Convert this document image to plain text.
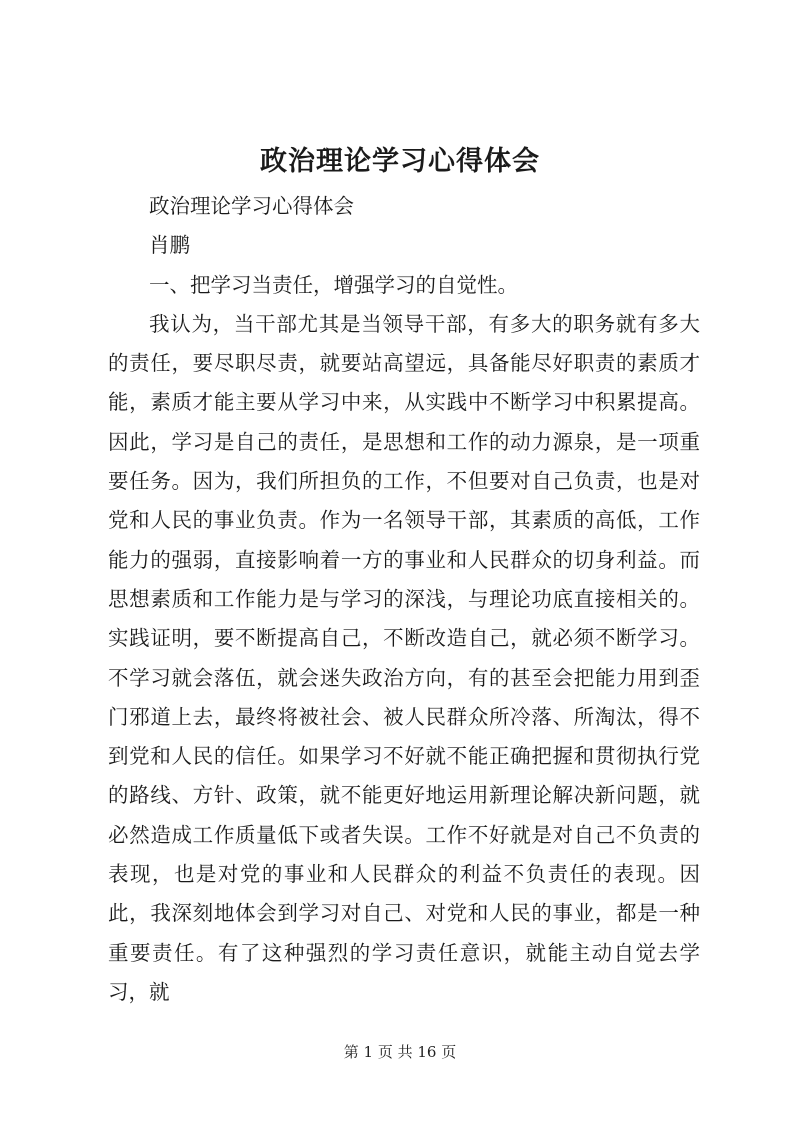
政治理论学习心得体会

政治理论学习心得体会

肖鹏

一、把学习当责任，增强学习的自觉性。

我认为，当干部尤其是当领导干部，有多大的职务就有多大的责任，要尽职尽责，就要站高望远，具备能尽好职责的素质才能，素质才能主要从学习中来，从实践中不断学习中积累提高。因此，学习是自己的责任，是思想和工作的动力源泉，是一项重要任务。因为，我们所担负的工作，不但要对自己负责，也是对党和人民的事业负责。作为一名领导干部，其素质的高低，工作能力的强弱，直接影响着一方的事业和人民群众的切身利益。而思想素质和工作能力是与学习的深浅，与理论功底直接相关的。实践证明，要不断提高自己，不断改造自己，就必须不断学习。不学习就会落伍，就会迷失政治方向，有的甚至会把能力用到歪门邪道上去，最终将被社会、被人民群众所冷落、所淘汰，得不到党和人民的信任。如果学习不好就不能正确把握和贯彻执行党的路线、方针、政策，就不能更好地运用新理论解决新问题，就必然造成工作质量低下或者失误。工作不好就是对自己不负责的表现，也是对党的事业和人民群众的利益不负责任的表现。因此，我深刻地体会到学习对自己、对党和人民的事业，都是一种重要责任。有了这种强烈的学习责任意识，就能主动自觉去学习，就

第 1 页 共 16 页
